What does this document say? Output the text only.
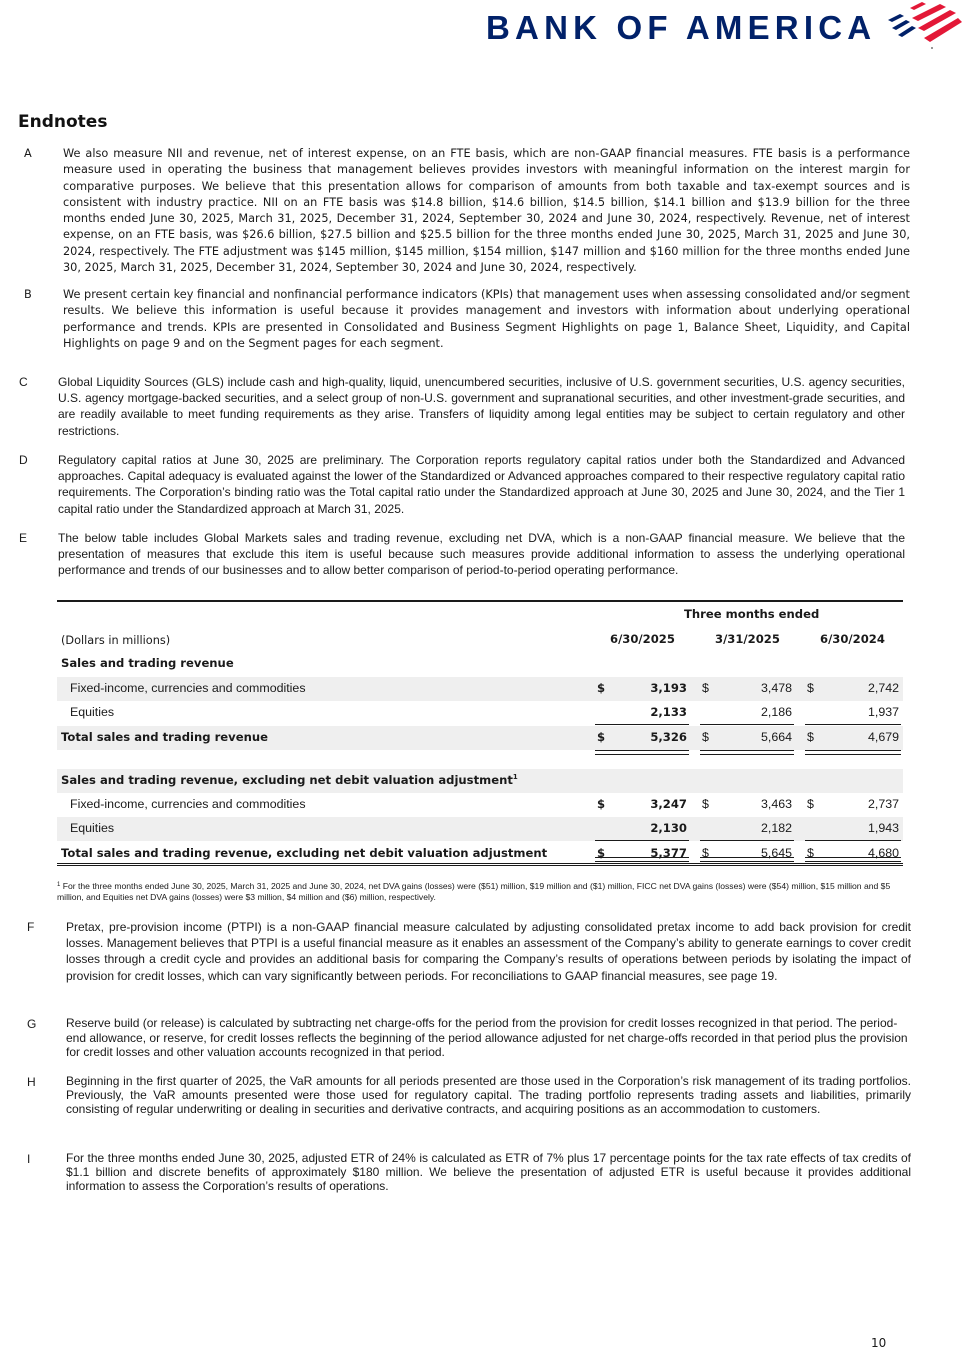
BANK OF AMERICA
Endnotes
A	We also measure NII and revenue, net of interest expense, on an FTE basis, which are non-GAAP financial measures. FTE basis is a performance measure used in operating the business that management believes provides investors with meaningful information on the interest margin for comparative purposes. We believe that this presentation allows for comparison of amounts from both taxable and tax-exempt sources and is consistent with industry practice. NII on an FTE basis was $14.8 billion, $14.6 billion, $14.5 billion, $14.1 billion and $13.9 billion for the three months ended June 30, 2025, March 31, 2025, December 31, 2024, September 30, 2024 and June 30, 2024, respectively. Revenue, net of interest expense, on an FTE basis, was $26.6 billion, $27.5 billion and $25.5 billion for the three months ended June 30, 2025, March 31, 2025 and June 30, 2024, respectively. The FTE adjustment was $145 million, $145 million, $154 million, $147 million and $160 million for the three months ended June 30, 2025, March 31, 2025, December 31, 2024, September 30, 2024 and June 30, 2024, respectively.
B	We present certain key financial and nonfinancial performance indicators (KPIs) that management uses when assessing consolidated and/or segment results. We believe this information is useful because it provides management and investors with information about underlying operational performance and trends. KPIs are presented in Consolidated and Business Segment Highlights on page 1, Balance Sheet, Liquidity, and Capital Highlights on page 9 and on the Segment pages for each segment.
C	Global Liquidity Sources (GLS) include cash and high-quality, liquid, unencumbered securities, inclusive of U.S. government securities, U.S. agency securities, U.S. agency mortgage-backed securities, and a select group of non-U.S. government and supranational securities, and other investment-grade securities, and are readily available to meet funding requirements as they arise. Transfers of liquidity among legal entities may be subject to certain regulatory and other restrictions.
D	Regulatory capital ratios at June 30, 2025 are preliminary. The Corporation reports regulatory capital ratios under both the Standardized and Advanced approaches. Capital adequacy is evaluated against the lower of the Standardized or Advanced approaches compared to their respective regulatory capital ratio requirements. The Corporation’s binding ratio was the Total capital ratio under the Standardized approach at June 30, 2025 and June 30, 2024, and the Tier 1 capital ratio under the Standardized approach at March 31, 2025.
E	The below table includes Global Markets sales and trading revenue, excluding net DVA, which is a non-GAAP financial measure. We believe that the presentation of measures that exclude this item is useful because such measures provide additional information to assess the underlying operational performance and trends of our businesses and to allow better comparison of period-to-period operating performance.
Three months ended
(Dollars in millions)	6/30/2025	3/31/2025	6/30/2024
Sales and trading revenue
Fixed-income, currencies and commodities	$	3,193 $	3,478 $	2,742
Equities	2,133	2,186	1,937
Total sales and trading revenue	$	5,326 $	5,664 $	4,679
Sales and trading revenue, excluding net debit valuation adjustment$^1$
Fixed-income, currencies and commodities	$	3,247 $	3,463 $	2,737
Equities	2,130	2,182	1,943
Total sales and trading revenue, excluding net debit valuation adjustment	$	5,377 $	5,645 $	4,680
$^1$ For the three months ended June 30, 2025, March 31, 2025 and June 30, 2024, net DVA gains (losses) were ($51) million, $19 million and ($1) million, FICC net DVA gains (losses) were ($54) million, $15 million and $5 million, and Equities net DVA gains (losses) were $3 million, $4 million and ($6) million, respectively.
F	Pretax, pre-provision income (PTPI) is a non-GAAP financial measure calculated by adjusting consolidated pretax income to add back provision for credit losses. Management believes that PTPI is a useful financial measure as it enables an assessment of the Company’s ability to generate earnings to cover credit losses through a credit cycle and provides an additional basis for comparing the Company’s results of operations between periods by isolating the impact of provision for credit losses, which can vary significantly between periods. For reconciliations to GAAP financial measures, see page 19.
G	Reserve build (or release) is calculated by subtracting net charge-offs for the period from the provision for credit losses recognized in that period. The period-end allowance, or reserve, for credit losses reflects the beginning of the period allowance adjusted for net charge-offs recorded in that period plus the provision for credit losses and other valuation accounts recognized in that period.
H	Beginning in the first quarter of 2025, the VaR amounts for all periods presented are those used in the Corporation’s risk management of its trading portfolios. Previously, the VaR amounts presented were those used for regulatory capital. The trading portfolio represents trading assets and liabilities, primarily consisting of regular underwriting or dealing in securities and derivative contracts, and acquiring positions as an accommodation to customers.
I	For the three months ended June 30, 2025, adjusted ETR of 24% is calculated as ETR of 7% plus 17 percentage points for the tax rate effects of tax credits of $1.1 billion and discrete benefits of approximately $180 million. We believe the presentation of adjusted ETR is useful because it provides additional information to assess the Corporation’s results of operations.
10
